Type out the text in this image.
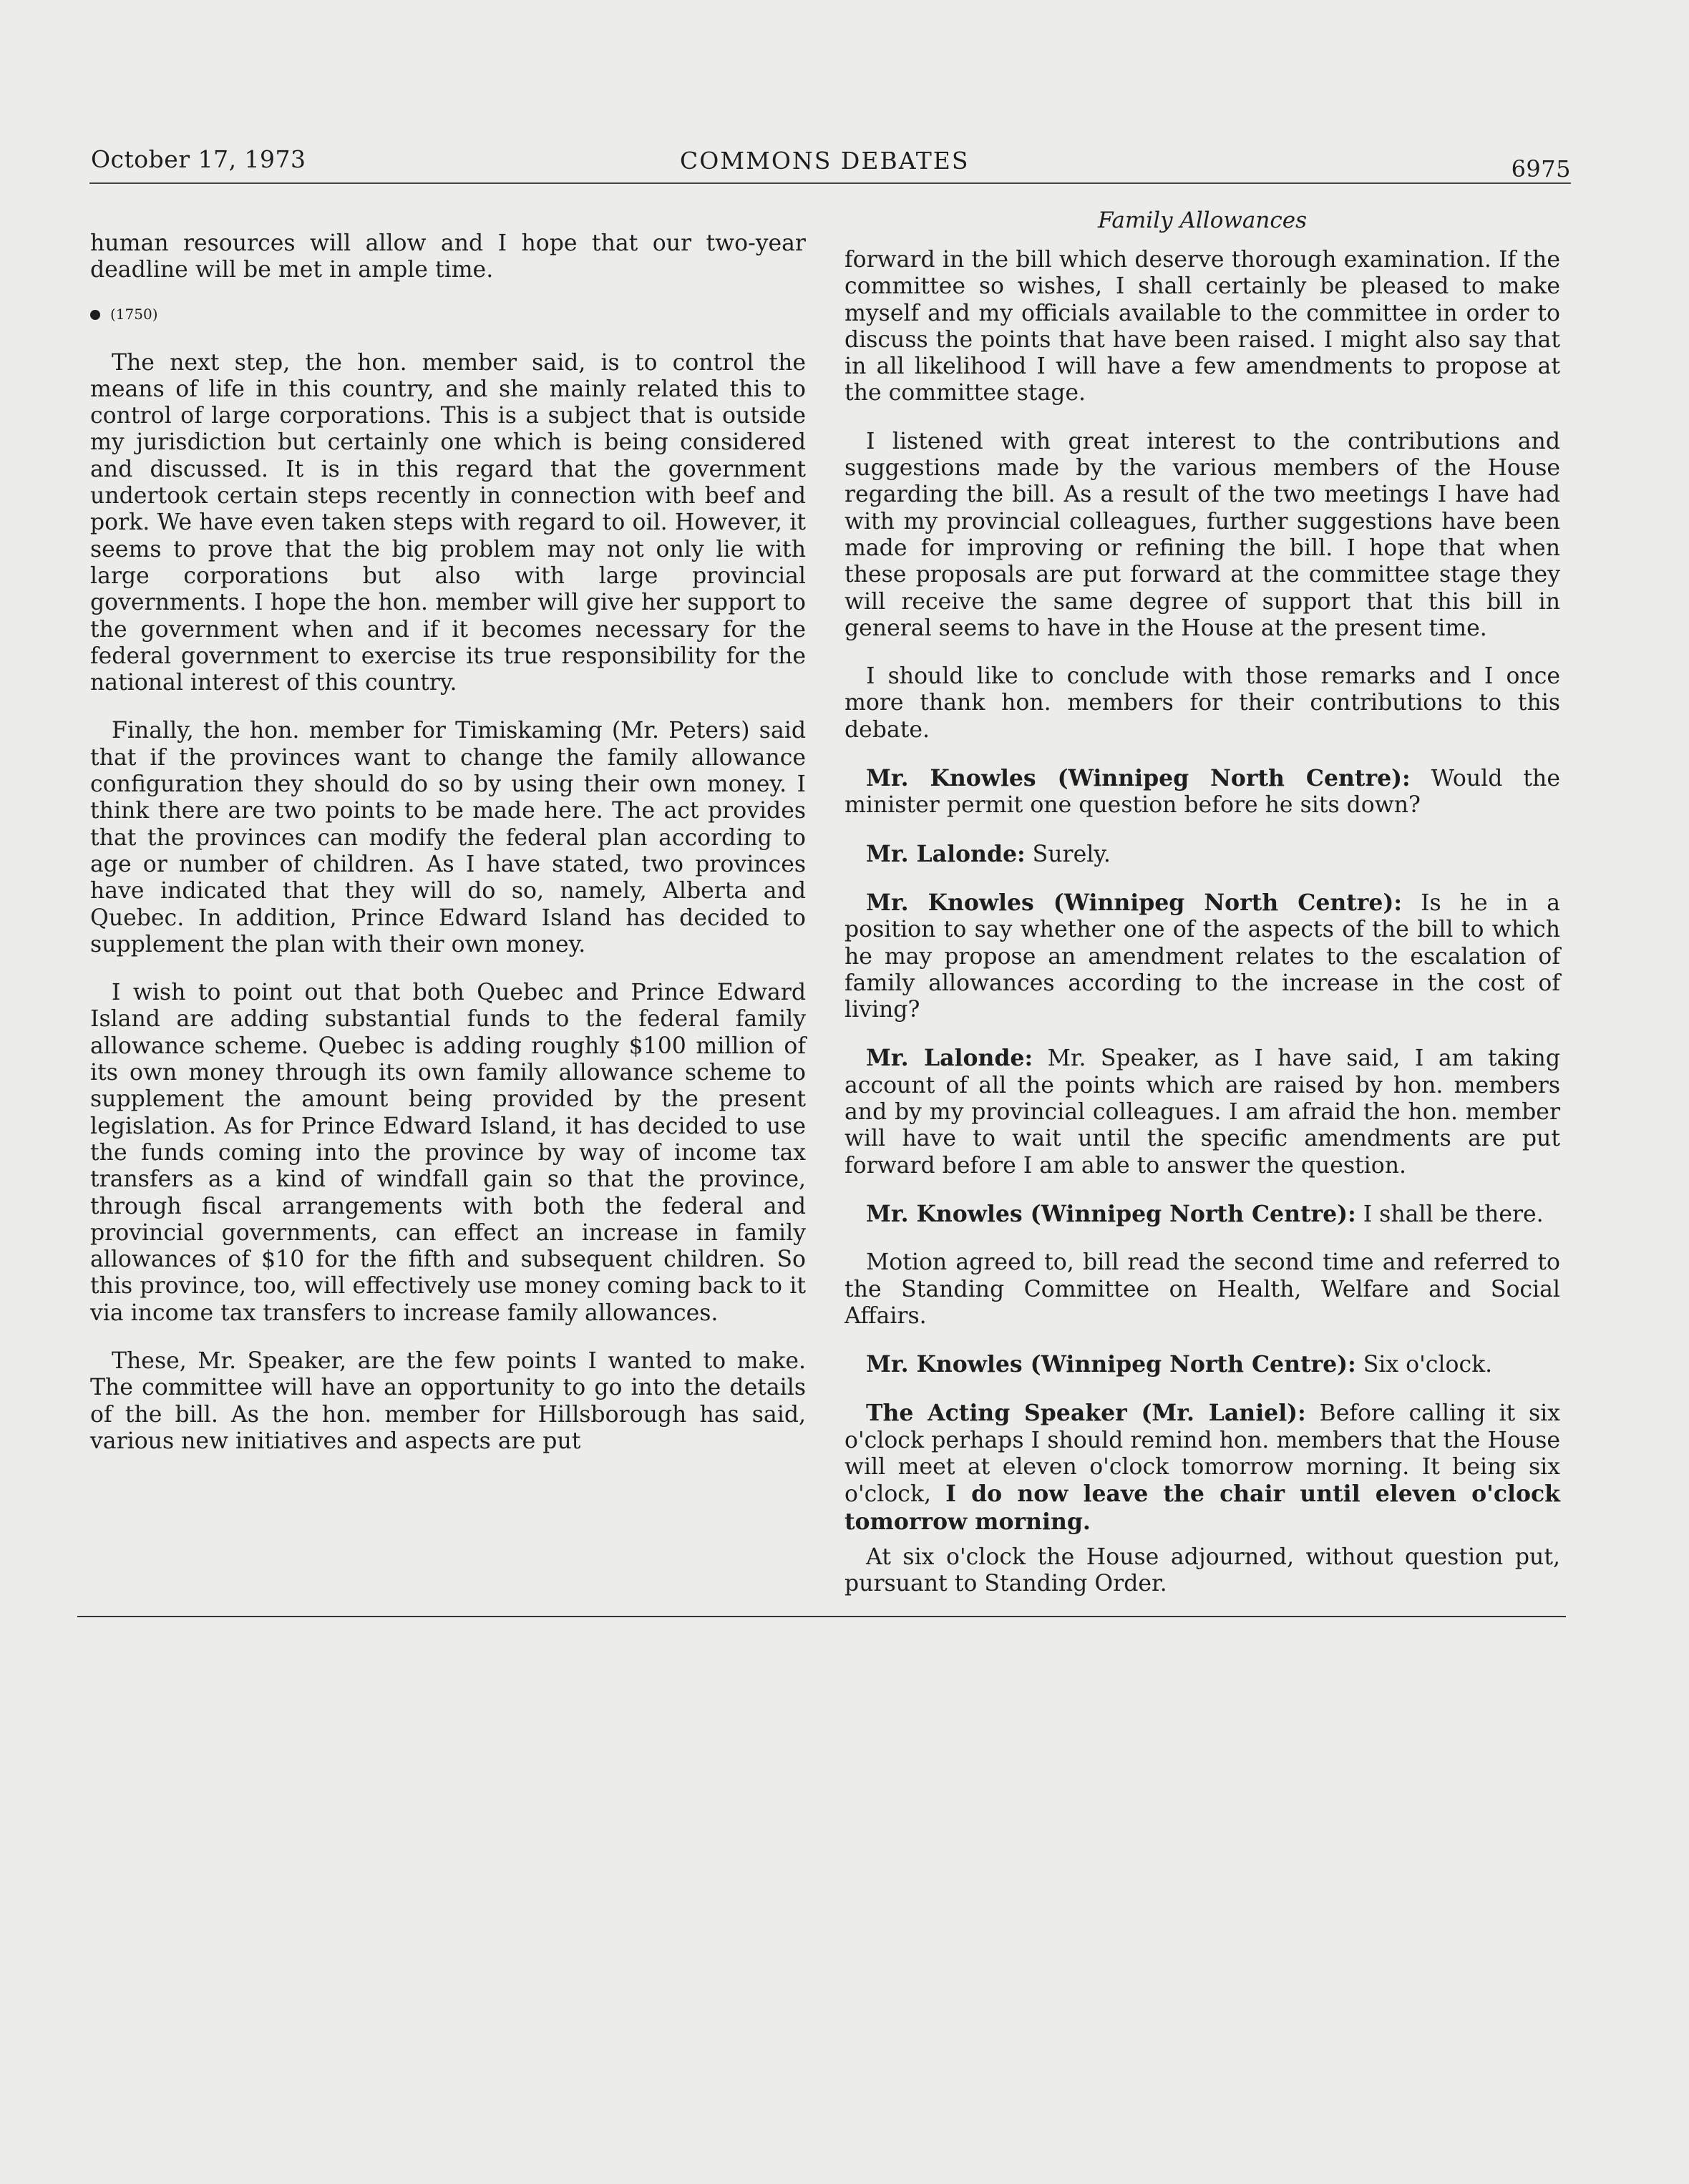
October 17, 1973	COMMONS DEBATES	6975
Family Allowances

human resources will allow and I hope that our two-year deadline will be met in ample time.

(1750)

The next step, the hon. member said, is to control the means of life in this country, and she mainly related this to control of large corporations. This is a subject that is outside my jurisdiction but certainly one which is being considered and discussed. It is in this regard that the government undertook certain steps recently in connection with beef and pork. We have even taken steps with regard to oil. However, it seems to prove that the big problem may not only lie with large corporations but also with large provincial governments. I hope the hon. member will give her support to the government when and if it becomes necessary for the federal government to exercise its true responsibility for the national interest of this country.

Finally, the hon. member for Timiskaming (Mr. Peters) said that if the provinces want to change the family allowance configuration they should do so by using their own money. I think there are two points to be made here. The act provides that the provinces can modify the federal plan according to age or number of children. As I have stated, two provinces have indicated that they will do so, namely, Alberta and Quebec. In addition, Prince Edward Island has decided to supplement the plan with their own money.

I wish to point out that both Quebec and Prince Edward Island are adding substantial funds to the federal family allowance scheme. Quebec is adding roughly $100 million of its own money through its own family allowance scheme to supplement the amount being provided by the present legislation. As for Prince Edward Island, it has decided to use the funds coming into the province by way of income tax transfers as a kind of windfall gain so that the province, through fiscal arrangements with both the federal and provincial governments, can effect an increase in family allowances of $10 for the fifth and subsequent children. So this province, too, will effectively use money coming back to it via income tax transfers to increase family allowances.

These, Mr. Speaker, are the few points I wanted to make. The committee will have an opportunity to go into the details of the bill. As the hon. member for Hillsborough has said, various new initiatives and aspects are put

forward in the bill which deserve thorough examination. If the committee so wishes, I shall certainly be pleased to make myself and my officials available to the committee in order to discuss the points that have been raised. I might also say that in all likelihood I will have a few amendments to propose at the committee stage.

I listened with great interest to the contributions and suggestions made by the various members of the House regarding the bill. As a result of the two meetings I have had with my provincial colleagues, further suggestions have been made for improving or refining the bill. I hope that when these proposals are put forward at the committee stage they will receive the same degree of support that this bill in general seems to have in the House at the present time.

I should like to conclude with those remarks and I once more thank hon. members for their contributions to this debate.

Mr. Knowles (Winnipeg North Centre): Would the minister permit one question before he sits down?

Mr. Lalonde: Surely.

Mr. Knowles (Winnipeg North Centre): Is he in a position to say whether one of the aspects of the bill to which he may propose an amendment relates to the escalation of family allowances according to the increase in the cost of living?

Mr. Lalonde: Mr. Speaker, as I have said, I am taking account of all the points which are raised by hon. members and by my provincial colleagues. I am afraid the hon. member will have to wait until the specific amendments are put forward before I am able to answer the question.

Mr. Knowles (Winnipeg North Centre): I shall be there.

Motion agreed to, bill read the second time and referred to the Standing Committee on Health, Welfare and Social Affairs.

Mr. Knowles (Winnipeg North Centre): Six o'clock.

The Acting Speaker (Mr. Laniel): Before calling it six o'clock perhaps I should remind hon. members that the House will meet at eleven o'clock tomorrow morning. It being six o'clock, I do now leave the chair until eleven o'clock tomorrow morning.

At six o'clock the House adjourned, without question put, pursuant to Standing Order.
